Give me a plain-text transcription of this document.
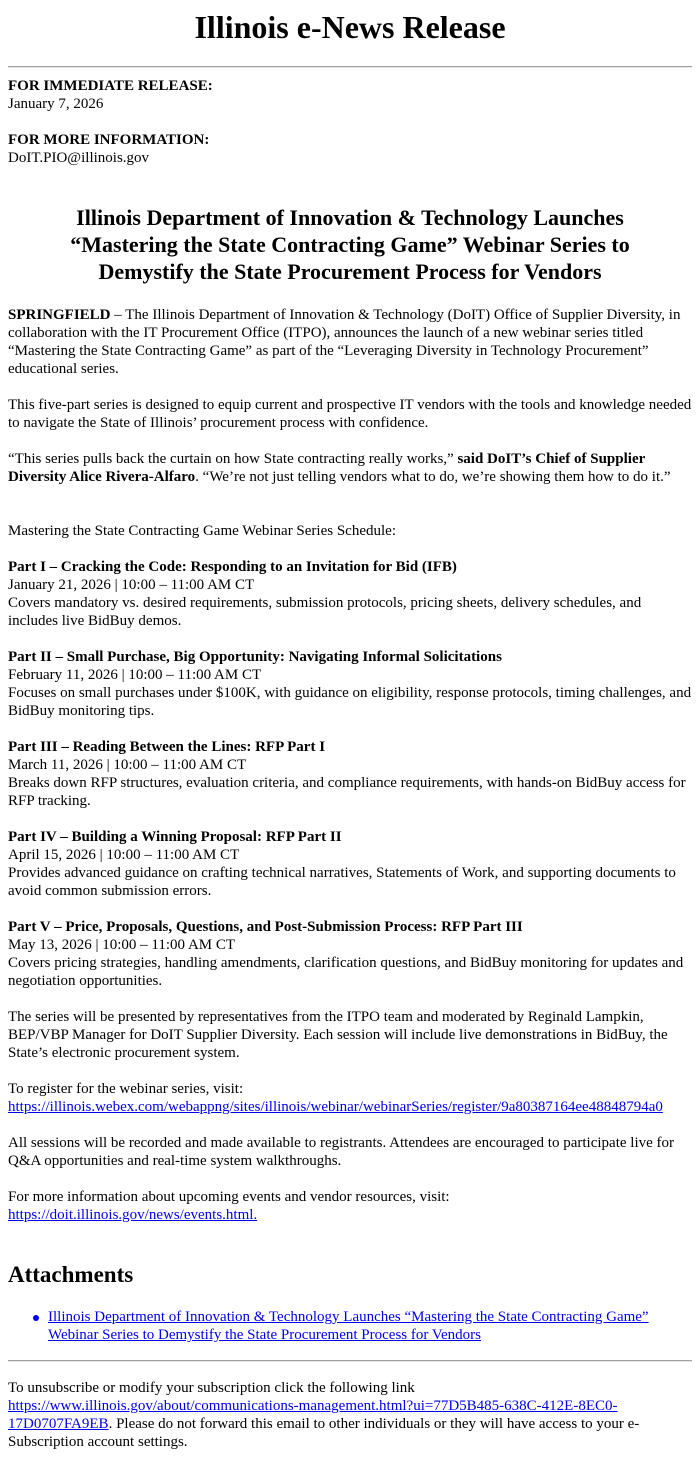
Illinois e-News Release

FOR IMMEDIATE RELEASE:

January 7, 2026

FOR MORE INFORMATION:

DoIT.PIO@illinois.gov

Illinois Department of Innovation & Technology Launches “Mastering the State Contracting Game” Webinar Series to Demystify the State Procurement Process for Vendors

SPRINGFIELD – The Illinois Department of Innovation & Technology (DoIT) Office of Supplier Diversity, in collaboration with the IT Procurement Office (ITPO), announces the launch of a new webinar series titled “Mastering the State Contracting Game” as part of the “Leveraging Diversity in Technology Procurement” educational series.

This five-part series is designed to equip current and prospective IT vendors with the tools and knowledge needed to navigate the State of Illinois’ procurement process with confidence.

“This series pulls back the curtain on how State contracting really works,” said DoIT’s Chief of Supplier Diversity Alice Rivera-Alfaro. “We’re not just telling vendors what to do, we’re showing them how to do it.”

Mastering the State Contracting Game Webinar Series Schedule:

Part I – Cracking the Code: Responding to an Invitation for Bid (IFB)

January 21, 2026 | 10:00 – 11:00 AM CT

Covers mandatory vs. desired requirements, submission protocols, pricing sheets, delivery schedules, and includes live BidBuy demos.

Part II – Small Purchase, Big Opportunity: Navigating Informal Solicitations

February 11, 2026 | 10:00 – 11:00 AM CT

Focuses on small purchases under $100K, with guidance on eligibility, response protocols, timing challenges, and BidBuy monitoring tips.

Part III – Reading Between the Lines: RFP Part I

March 11, 2026 | 10:00 – 11:00 AM CT

Breaks down RFP structures, evaluation criteria, and compliance requirements, with hands-on BidBuy access for RFP tracking.

Part IV – Building a Winning Proposal: RFP Part II

April 15, 2026 | 10:00 – 11:00 AM CT

Provides advanced guidance on crafting technical narratives, Statements of Work, and supporting documents to avoid common submission errors.

Part V – Price, Proposals, Questions, and Post-Submission Process: RFP Part III

May 13, 2026 | 10:00 – 11:00 AM CT

Covers pricing strategies, handling amendments, clarification questions, and BidBuy monitoring for updates and negotiation opportunities.

The series will be presented by representatives from the ITPO team and moderated by Reginald Lampkin, BEP/VBP Manager for DoIT Supplier Diversity. Each session will include live demonstrations in BidBuy, the State’s electronic procurement system.

To register for the webinar series, visit:

https://illinois.webex.com/webappng/sites/illinois/webinar/webinarSeries/register/9a80387164ee48848794a0

All sessions will be recorded and made available to registrants. Attendees are encouraged to participate live for Q&A opportunities and real-time system walkthroughs.

For more information about upcoming events and vendor resources, visit:

https://doit.illinois.gov/news/events.html.

Attachments
Illinois Department of Innovation & Technology Launches “Mastering the State Contracting Game” Webinar Series to Demystify the State Procurement Process for Vendors

To unsubscribe or modify your subscription click the following link https://www.illinois.gov/about/communications-management.html?ui=77D5B485-638C-412E-8EC0-17D0707FA9EB. Please do not forward this email to other individuals or they will have access to your e-Subscription account settings.
